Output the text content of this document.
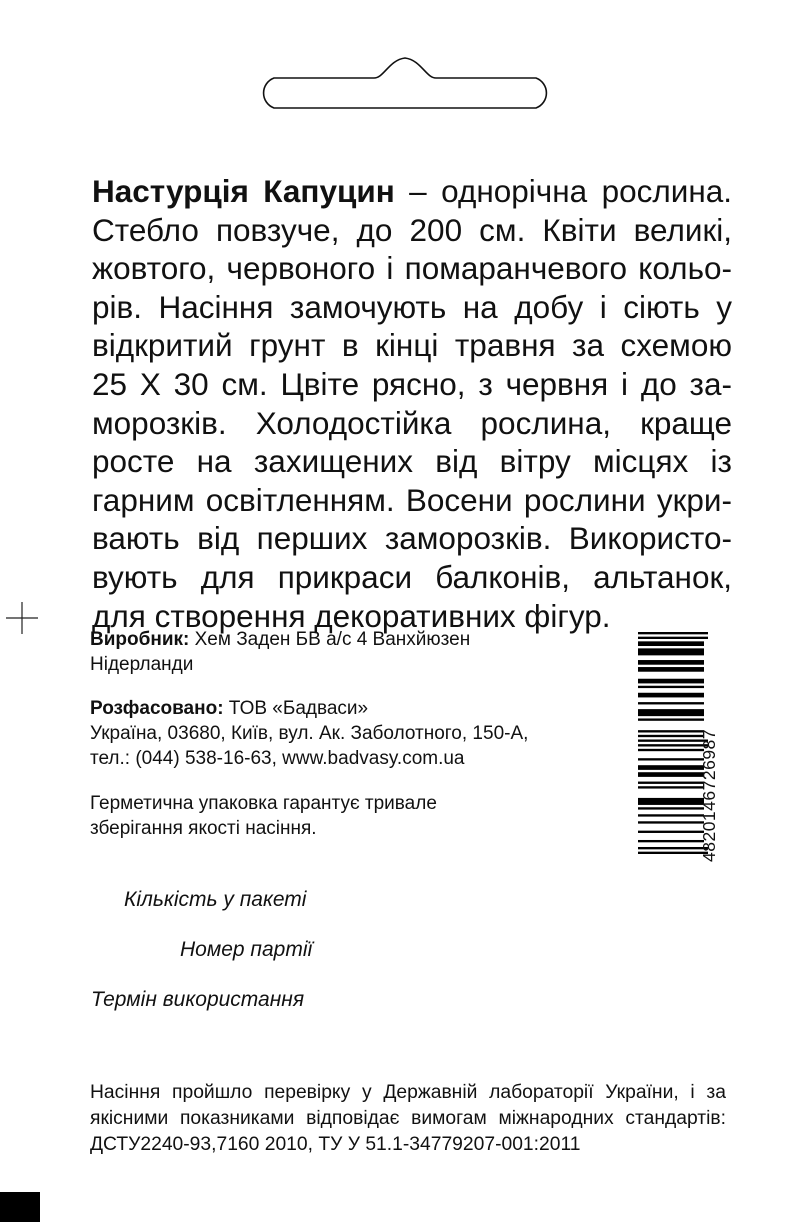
Настурція Капуцин – однорічна рослина.
Стебло повзуче, до 200 см. Квіти великі,
жовтого, червоного і помаранчевого кольо-
рів. Насіння замочують на добу і сіють у
відкритий грунт в кінці травня за схемою
25 Х 30 см. Цвіте рясно, з червня і до за-
морозків. Холодостійка рослина, краще
росте на захищених від вітру місцях із
гарним освітленням. Восени рослини укри-
вають від перших заморозків. Використо-
вують для прикраси балконів, альтанок,
для створення декоративних фігур.
Виробник: Хем Заден БВ а/с 4 Ванхйюзен
Нідерланди
Розфасовано: ТОВ «Бадваси»
Україна, 03680, Київ, вул. Ак. Заболотного, 150-А,
тел.: (044) 538-16-63, www.badvasy.com.ua
Герметична упаковка гарантує тривале
зберігання якості насіння.	4820146726987
Кількість у пакеті
Номер партії
Термін використання
Насіння пройшло перевірку у Державній лабораторії України, і за
якісними показниками відповідає вимогам міжнародних стандартів:
ДСТУ2240-93,7160 2010, ТУ У 51.1-34779207-001:2011
